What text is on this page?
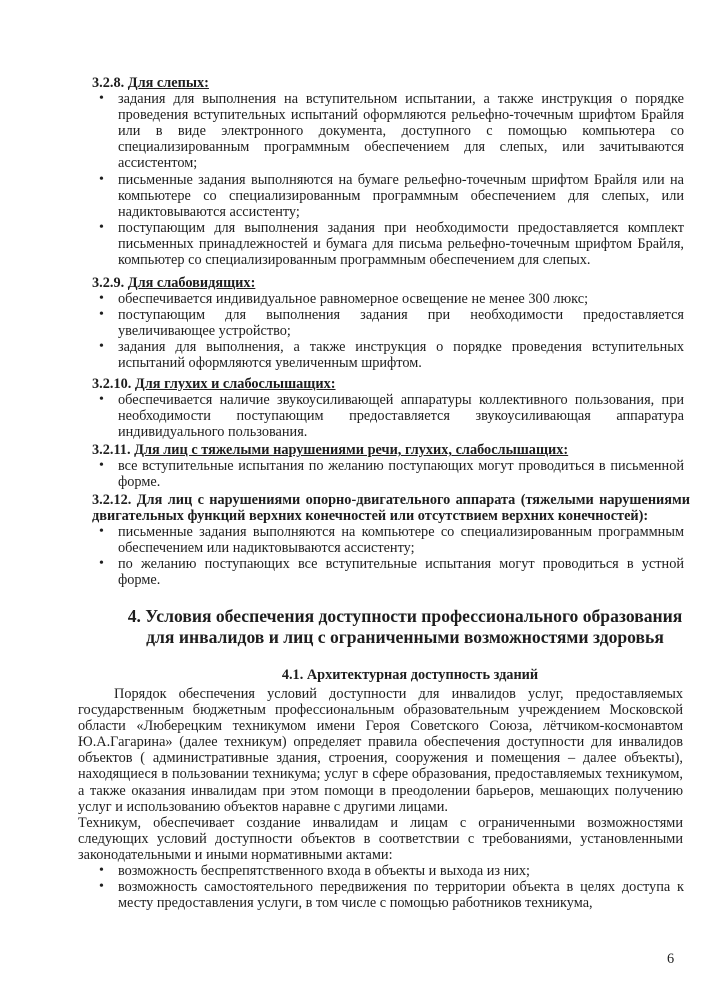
3.2.8. Для слепых:
• задания для выполнения на вступительном испытании, а также инструкция о порядке проведения вступительных испытаний оформляются рельефно-точечным шрифтом Брайля или в виде электронного документа, доступного с помощью компьютера со специализированным программным обеспечением для слепых, или зачитываются ассистентом;
• письменные задания выполняются на бумаге рельефно-точечным шрифтом Брайля или на компьютере со специализированным программным обеспечением для слепых, или надиктовываются ассистенту;
• поступающим для выполнения задания при необходимости предоставляется комплект письменных принадлежностей и бумага для письма рельефно-точечным шрифтом Брайля, компьютер со специализированным программным обеспечением для слепых.
3.2.9. Для слабовидящих:
• обеспечивается индивидуальное равномерное освещение не менее 300 люкс;
• поступающим для выполнения задания при необходимости предоставляется увеличивающее устройство;
• задания для выполнения, а также инструкция о порядке проведения вступительных испытаний оформляются увеличенным шрифтом.
3.2.10. Для глухих и слабослышащих:
• обеспечивается наличие звукоусиливающей аппаратуры коллективного пользования, при необходимости поступающим предоставляется звукоусиливающая аппаратура индивидуального пользования.
3.2.11. Для лиц с тяжелыми нарушениями речи, глухих, слабослышащих:
• все вступительные испытания по желанию поступающих могут проводиться в письменной форме.
3.2.12. Для лиц с нарушениями опорно-двигательного аппарата (тяжелыми нарушениями двигательных функций верхних конечностей или отсутствием верхних конечностей):
• письменные задания выполняются на компьютере со специализированным программным обеспечением или надиктовываются ассистенту;
• по желанию поступающих все вступительные испытания могут проводиться в устной форме.
4. Условия обеспечения доступности профессионального образования для инвалидов и лиц с ограниченными возможностями здоровья
4.1. Архитектурная доступность зданий
Порядок обеспечения условий доступности для инвалидов услуг, предоставляемых государственным бюджетным профессиональным образовательным учреждением Московской области «Люберецким техникумом имени Героя Советского Союза, лётчиком-космонавтом Ю.А.Гагарина» (далее техникум) определяет правила обеспечения доступности для инвалидов объектов ( административные здания, строения, сооружения и помещения – далее объекты), находящиеся в пользовании техникума; услуг в сфере образования, предоставляемых техникумом, а также оказания инвалидам при этом помощи в преодолении барьеров, мешающих получению услуг и использованию объектов наравне с другими лицами.
Техникум, обеспечивает создание инвалидам и лицам с ограниченными возможностями следующих условий доступности объектов в соответствии с требованиями, установленными законодательными и иными нормативными актами:
• возможность беспрепятственного входа в объекты и выхода из них;
• возможность самостоятельного передвижения по территории объекта в целях доступа к месту предоставления услуги, в том числе с помощью работников техникума,
6
